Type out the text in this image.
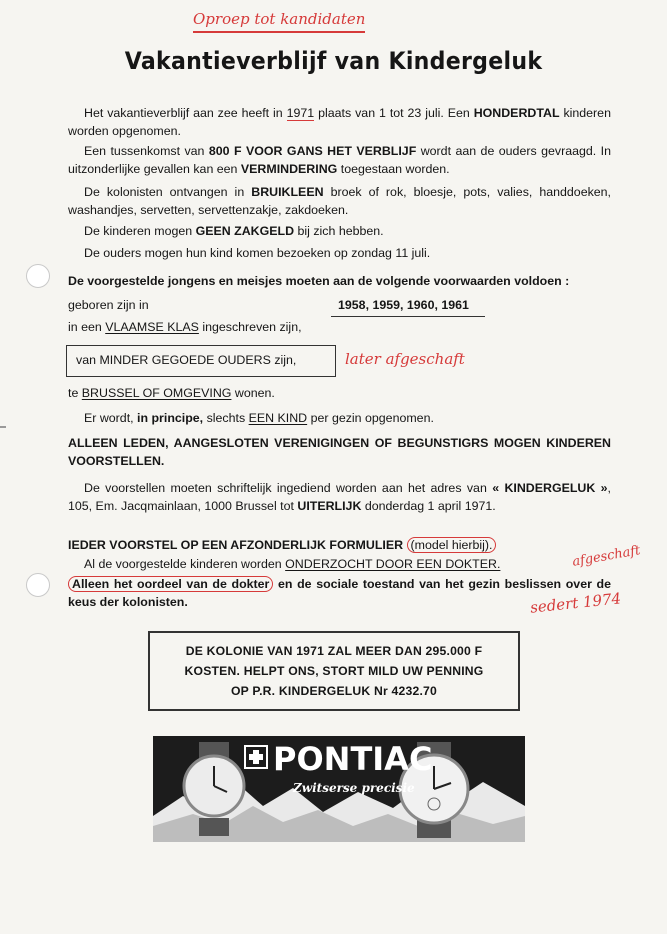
Oproep tot kandidaten
Vakantieverblijf van Kindergeluk
Het vakantieverblijf aan zee heeft in 1971 plaats van 1 tot 23 juli. Een HONDERDTAL kinderen worden opgenomen.
Een tussenkomst van 800 F VOOR GANS HET VERBLIJF wordt aan de ouders gevraagd. In uitzonderlijke gevallen kan een VERMINDERING toegestaan worden.
De kolonisten ontvangen in BRUIKLEEN broek of rok, bloesje, pots, valies, handdoeken, washandjes, servetten, servettenzakje, zakdoeken.
De kinderen mogen GEEN ZAKGELD bij zich hebben.
De ouders mogen hun kind komen bezoeken op zondag 11 juli.
De voorgestelde jongens en meisjes moeten aan de volgende voorwaarden voldoen :
geboren zijn in	1958, 1959, 1960, 1961
in een VLAAMSE KLAS ingeschreven zijn,
van MINDER GEGOEDE OUDERS zijn,	later afgeschaft
te BRUSSEL OF OMGEVING wonen.
Er wordt, in principe, slechts EEN KIND per gezin opgenomen.
ALLEEN LEDEN, AANGESLOTEN VERENIGINGEN OF BEGUNSTIGRS MOGEN KINDEREN VOORSTELLEN.
De voorstellen moeten schriftelijk ingediend worden aan het adres van « KINDERGELUK », 105, Em. Jacqmainlaan, 1000 Brussel tot UITERLIJK donderdag 1 april 1971.
IEDER VOORSTEL OP EEN AFZONDERLIJK FORMULIER (model hierbij).
Al de voorgestelde kinderen worden ONDERZOCHT DOOR EEN DOKTER.	afgeschaft
Alleen het oordeel van de dokter en de sociale toestand van het gezin beslissen over de keus der kolonisten.	sedert 1974
DE KOLONIE VAN 1971 ZAL MEER DAN 295.000 F
KOSTEN. HELPT ONS, STORT MILD UW PENNING
OP P.R. KINDERGELUK Nr 4232.70
PONTIAC
Zwitserse precisie
